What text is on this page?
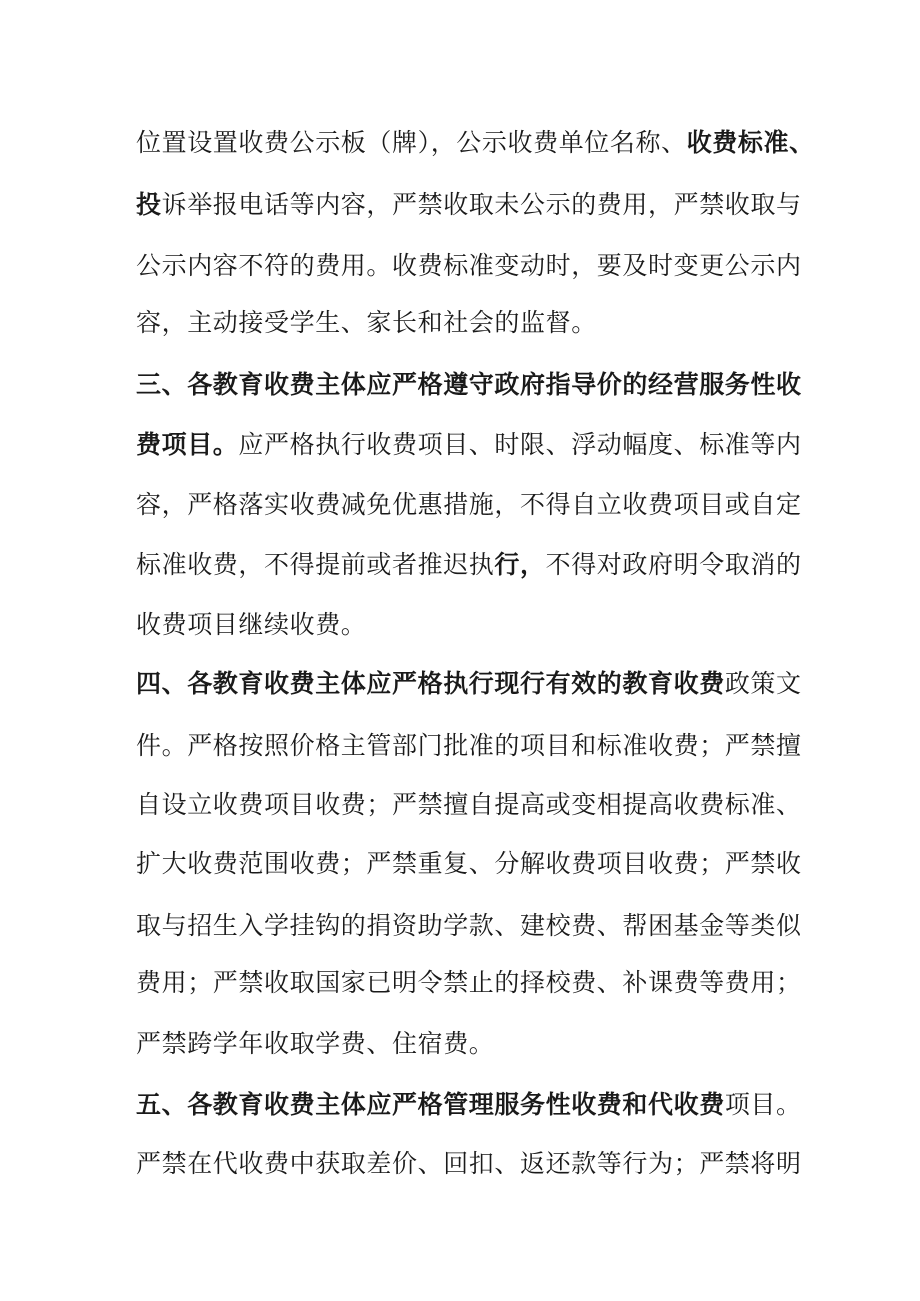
位置设置收费公示板（牌），公示收费单位名称、收费标准、
投诉举报电话等内容，严禁收取未公示的费用，严禁收取与
公示内容不符的费用。收费标准变动时，要及时变更公示内
容，主动接受学生、家长和社会的监督。
三、各教育收费主体应严格遵守政府指导价的经营服务性收
费项目。应严格执行收费项目、时限、浮动幅度、标准等内
容，严格落实收费减免优惠措施，不得自立收费项目或自定
标准收费，不得提前或者推迟执行，不得对政府明令取消的
收费项目继续收费。
四、各教育收费主体应严格执行现行有效的教育收费政策文
件。严格按照价格主管部门批准的项目和标准收费；严禁擅
自设立收费项目收费；严禁擅自提高或变相提高收费标准、
扩大收费范围收费；严禁重复、分解收费项目收费；严禁收
取与招生入学挂钩的捐资助学款、建校费、帮困基金等类似
费用；严禁收取国家已明令禁止的择校费、补课费等费用；
严禁跨学年收取学费、住宿费。
五、各教育收费主体应严格管理服务性收费和代收费项目。
严禁在代收费中获取差价、回扣、返还款等行为；严禁将明
